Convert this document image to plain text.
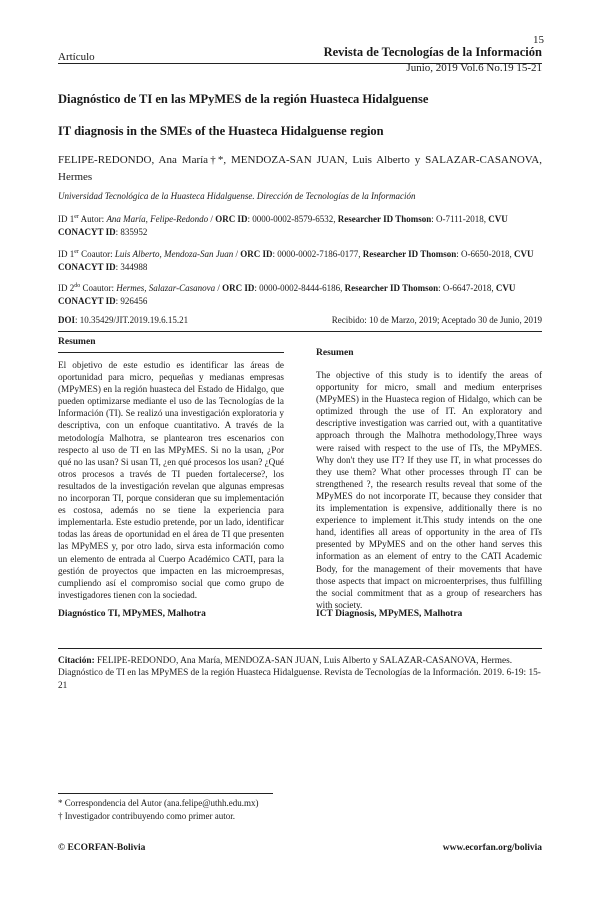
15
Artículo	Revista de Tecnologías de la Información
Junio, 2019 Vol.6 No.19 15-21
Diagnóstico de TI en las MPyMES de la región Huasteca Hidalguense
IT diagnosis in the SMEs of the Huasteca Hidalguense region
FELIPE-REDONDO, Ana María†*, MENDOZA-SAN JUAN, Luis Alberto y SALAZAR-CASANOVA, Hermes
Universidad Tecnológica de la Huasteca Hidalguense. Dirección de Tecnologías de la Información
ID 1er Autor: Ana María, Felipe-Redondo / ORC ID: 0000-0002-8579-6532, Researcher ID Thomson: O-7111-2018, CVU CONACYT ID: 835952
ID 1er Coautor: Luis Alberto, Mendoza-San Juan / ORC ID: 0000-0002-7186-0177, Researcher ID Thomson: O-6650-2018, CVU CONACYT ID: 344988
ID $2^{do}$ Coautor: Hermes, Salazar-Casanova / ORC ID: 0000-0002-8444-6186, Researcher ID Thomson: O-6647-2018, CVU CONACYT ID: 926456
DOI: 10.35429/JIT.2019.19.6.15.21	Recibido: 10 de Marzo, 2019; Aceptado 30 de Junio, 2019
Resumen
El objetivo de este estudio es identificar las áreas de oportunidad para micro, pequeñas y medianas empresas (MPyMES) en la región huasteca del Estado de Hidalgo, que pueden optimizarse mediante el uso de las Tecnologías de la Información (TI). Se realizó una investigación exploratoria y descriptiva, con un enfoque cuantitativo. A través de la metodología Malhotra, se plantearon tres escenarios con respecto al uso de TI en las MPyMES. Si no la usan, ¿Por qué no las usan? Si usan TI, ¿en qué procesos los usan? ¿Qué otros procesos a través de TI pueden fortalecerse?, los resultados de la investigación revelan que algunas empresas no incorporan TI, porque consideran que su implementación es costosa, además no se tiene la experiencia para implementarla. Este estudio pretende, por un lado, identificar todas las áreas de oportunidad en el área de TI que presenten las MPyMES y, por otro lado, sirva esta información como un elemento de entrada al Cuerpo Académico CATI, para la gestión de proyectos que impacten en las microempresas, cumpliendo así el compromiso social que como grupo de investigadores tienen con la sociedad.
Diagnóstico TI, MPyMES, Malhotra
Resumen
The objective of this study is to identify the areas of opportunity for micro, small and medium enterprises (MPyMES) in the Huasteca region of Hidalgo, which can be optimized through the use of IT. An exploratory and descriptive investigation was carried out, with a quantitative approach through the Malhotra methodology,Three ways were raised with respect to the use of ITs, the MPyMES. Why don't they use IT? If they use IT, in what processes do they use them? What other processes through IT can be strengthened ?, the research results reveal that some of the MPyMES do not incorporate IT, because they consider that its implementation is expensive, additionally there is no experience to implement it.This study intends on the one hand, identifies all areas of opportunity in the area of ITs presented by MPyMES and on the other hand serves this information as an element of entry to the CATI Academic Body, for the management of their movements that have those aspects that impact on microenterprises, thus fulfilling the social commitment that as a group of researchers has with society.
ICT Diagnosis, MPyMES, Malhotra
Citación: FELIPE-REDONDO, Ana María, MENDOZA-SAN JUAN, Luis Alberto y SALAZAR-CASANOVA, Hermes. Diagnóstico de TI en las MPyMES de la región Huasteca Hidalguense. Revista de Tecnologías de la Información. 2019. 6-19: 15-21
* Correspondencia del Autor (ana.felipe@uthh.edu.mx)
† Investigador contribuyendo como primer autor.
© ECORFAN-Bolivia	www.ecorfan.org/bolivia
